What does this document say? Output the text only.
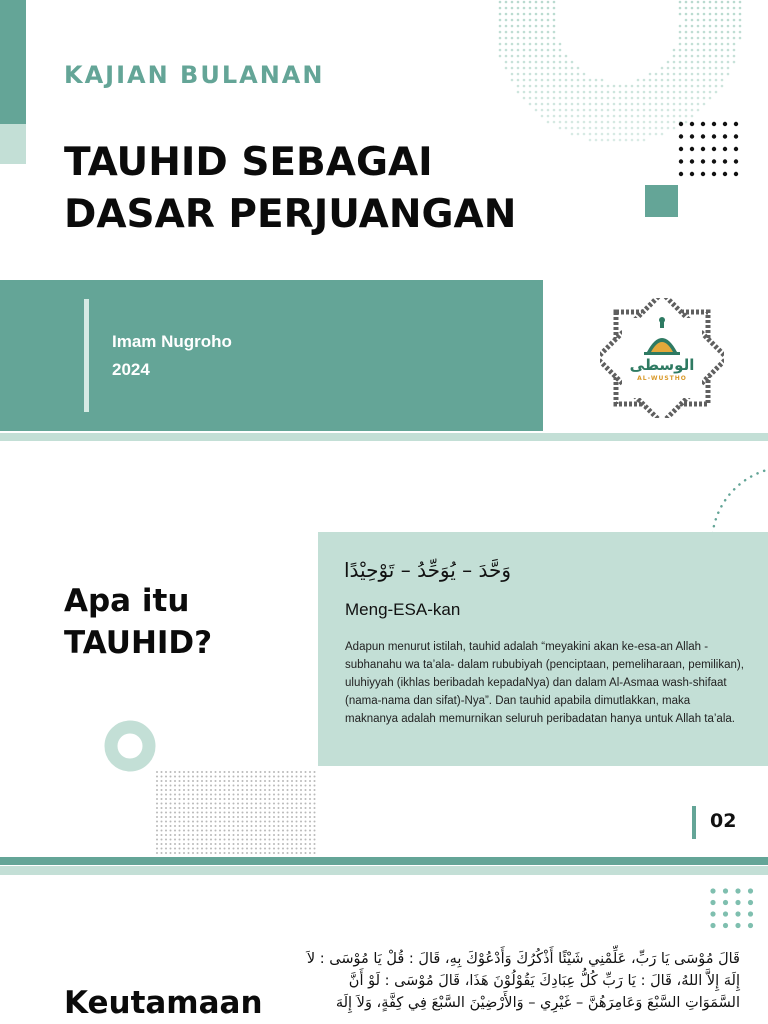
KAJIAN BULANAN
TAUHID SEBAGAI
DASAR PERJUANGAN
Imam Nugroho
2024	الوسطى
AL-WUSTHO
Apa itu
TAUHID?
وَحَّدَ – يُوَحِّدُ – تَوْحِيْدًا
Meng-ESA-kan
Adapun menurut istilah, tauhid adalah “meyakini akan ke-esa-an Allah -subhanahu wa ta’ala- dalam rububiyah (penciptaan, pemeliharaan, pemilikan), uluhiyyah (ikhlas beribadah kepadaNya) dan dalam Al-Asmaa wash-shifaat (nama-nama dan sifat)-Nya”. Dan tauhid apabila dimutlakkan, maka maknanya adalah memurnikan seluruh peribadatan hanya untuk Allah ta’ala.
02
قَالَ مُوْسَى يَا رَبِّ، عَلِّمْنِي شَيْئًا أَذْكُرُكَ وَأَدْعُوْكَ بِهِ، قَالَ : قُلْ يَا مُوْسَى : لاَ إِلَهَ إِلاَّ اللهُ، قَالَ : يَا رَبِّ كُلُّ عِبَادِكَ يَقُوْلُوْنَ هَذَا، قَالَ مُوْسَى : لَوْ أَنَّ السَّمَوَاتِ السَّبْعَ وَعَامِرَهُنَّ – غَيْرِي – وَالأَرْضِيْنَ السَّبْعَ فِي كِفَّةٍ، وَلاَ إِلَهَ
Keutamaan
